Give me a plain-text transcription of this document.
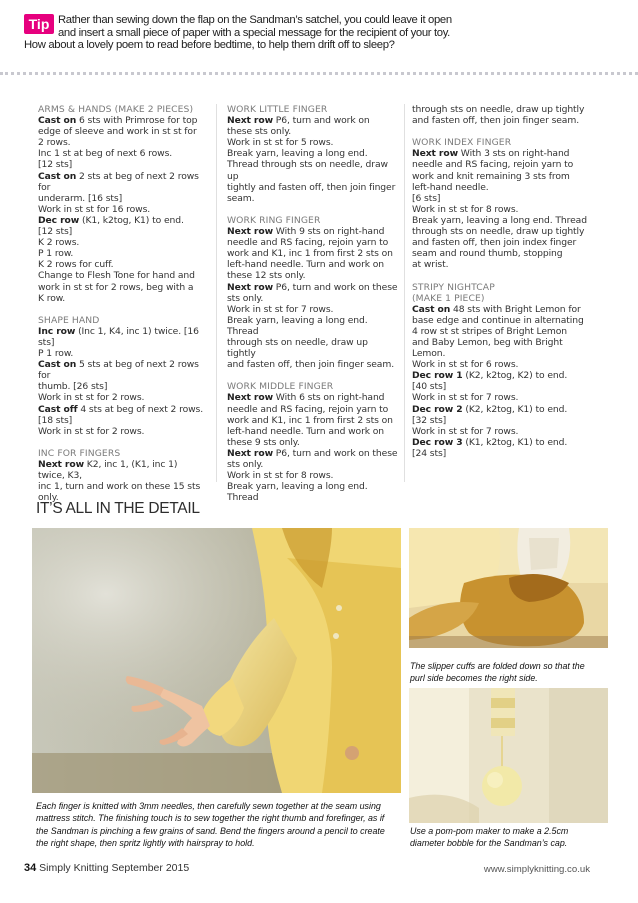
Tip Rather than sewing down the flap on the Sandman’s satchel, you could leave it open
and insert a small piece of paper with a special message for the recipient of your toy.
How about a lovely poem to read before bedtime, to help them drift off to sleep?

ARMS & HANDS (MAKE 2 PIECES)

Cast on 6 sts with Primrose for top

edge of sleeve and work in st st for

2 rows.

Inc 1 st at beg of next 6 rows.

[12 sts]

Cast on 2 sts at beg of next 2 rows for

underarm. [16 sts]

Work in st st for 16 rows.

Dec row (K1, k2tog, K1) to end.

[12 sts]

K 2 rows.

P 1 row.

K 2 rows for cuff.

Change to Flesh Tone for hand and

work in st st for 2 rows, beg with a

K row.

SHAPE HAND

Inc row (Inc 1, K4, inc 1) twice. [16 sts]

P 1 row.

Cast on 5 sts at beg of next 2 rows for

thumb. [26 sts]

Work in st st for 2 rows.

Cast off 4 sts at beg of next 2 rows.

[18 sts]

Work in st st for 2 rows.

INC FOR FINGERS

Next row K2, inc 1, (K1, inc 1) twice, K3,

inc 1, turn and work on these 15 sts

only.

WORK LITTLE FINGER

Next row P6, turn and work on

these sts only.

Work in st st for 5 rows.

Break yarn, leaving a long end.

Thread through sts on needle, draw up

tightly and fasten off, then join finger

seam.

WORK RING FINGER

Next row With 9 sts on right-hand

needle and RS facing, rejoin yarn to

work and K1, inc 1 from first 2 sts on

left-hand needle. Turn and work on

these 12 sts only.

Next row P6, turn and work on these

sts only.

Work in st st for 7 rows.

Break yarn, leaving a long end. Thread

through sts on needle, draw up tightly

and fasten off, then join finger seam.

WORK MIDDLE FINGER

Next row With 6 sts on right-hand

needle and RS facing, rejoin yarn to

work and K1, inc 1 from first 2 sts on

left-hand needle. Turn and work on

these 9 sts only.

Next row P6, turn and work on these

sts only.

Work in st st for 8 rows.

Break yarn, leaving a long end. Thread

through sts on needle, draw up tightly

and fasten off, then join finger seam.

WORK INDEX FINGER

Next row With 3 sts on right-hand

needle and RS facing, rejoin yarn to

work and knit remaining 3 sts from

left-hand needle.

[6 sts]

Work in st st for 8 rows.

Break yarn, leaving a long end. Thread

through sts on needle, draw up tightly

and fasten off, then join index finger

seam and round thumb, stopping

at wrist.

STRIPY NIGHTCAP

(MAKE 1 PIECE)

Cast on 48 sts with Bright Lemon for

base edge and continue in alternating

4 row st st stripes of Bright Lemon

and Baby Lemon, beg with Bright

Lemon.

Work in st st for 6 rows.

Dec row 1 (K2, k2tog, K2) to end.

[40 sts]

Work in st st for 7 rows.

Dec row 2 (K2, k2tog, K1) to end.

[32 sts]

Work in st st for 7 rows.

Dec row 3 (K1, k2tog, K1) to end.

[24 sts]

IT’S ALL IN THE DETAIL
The slipper cuffs are folded down so that the purl side becomes the right side.
Each finger is knitted with 3mm needles, then carefully sewn together at the seam using mattress stitch. The finishing touch is to sew together the right thumb and forefinger, as if the Sandman is pinching a few grains of sand. Bend the fingers around a pencil to create the right shape, then spritz lightly with hairspray to hold.
Use a pom-pom maker to make a 2.5cm diameter bobble for the Sandman’s cap.
34 Simply Knitting September 2015	www.simplyknitting.co.uk
